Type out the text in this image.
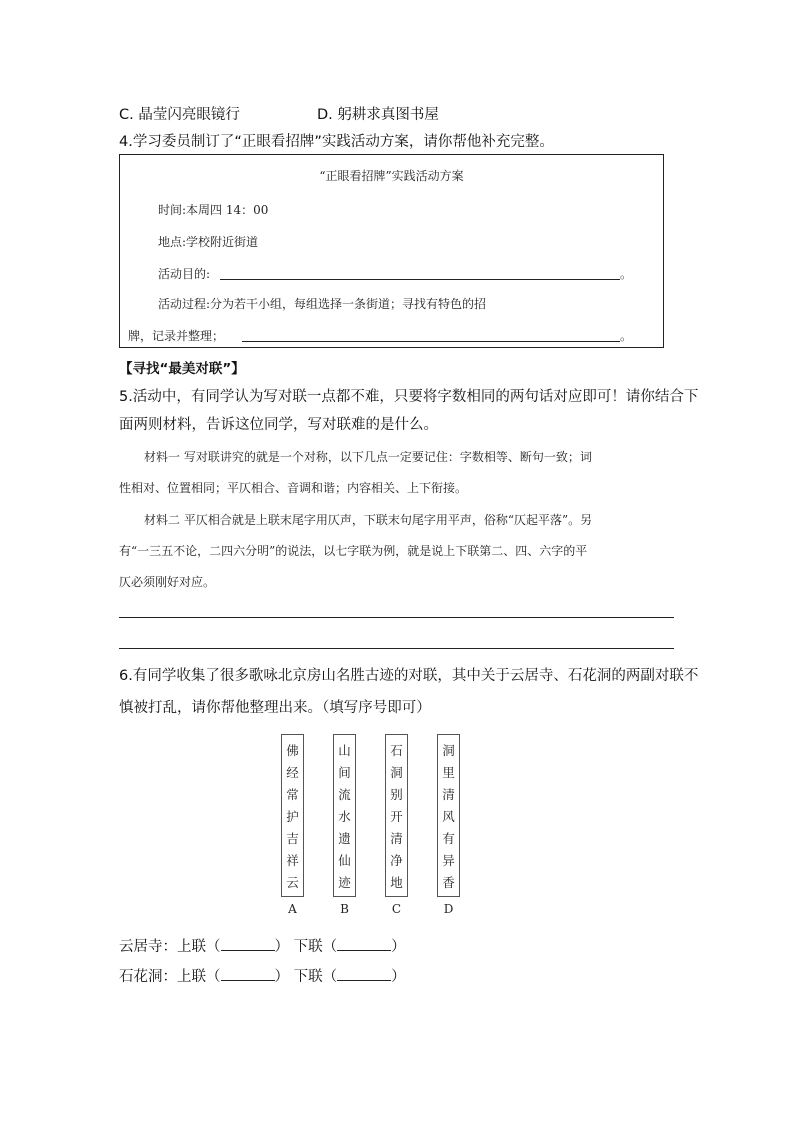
C. 晶莹闪亮眼镜行	D. 躬耕求真图书屋
4.学习委员制订了“正眼看招牌”实践活动方案，请你帮他补充完整。
“正眼看招牌”实践活动方案
时间:本周四 14：00
地点:学校附近街道
活动目的:	。
活动过程:分为若干小组，每组选择一条街道；寻找有特色的招
牌，记录并整理；	。
【寻找“最美对联”】
5.活动中，有同学认为写对联一点都不难，只要将字数相同的两句话对应即可！请你结合下
面两则材料，告诉这位同学，写对联难的是什么。
材料一 写对联讲究的就是一个对称，以下几点一定要记住：字数相等、断句一致；词
性相对、位置相同；平仄相合、音调和谐；内容相关、上下衔接。
材料二 平仄相合就是上联末尾字用仄声，下联末句尾字用平声，俗称“仄起平落”。另
有“一三五不论，二四六分明”的说法，以七字联为例，就是说上下联第二、四、六字的平
仄必须刚好对应。
6.有同学收集了很多歌咏北京房山名胜古迹的对联，其中关于云居寺、石花洞的两副对联不
慎被打乱，请你帮他整理出来。（填写序号即可）
佛
经
常
护
吉
祥
云
A
山
间
流
水
遗
仙
迹
B
石
洞
别
开
清
净
地
C
洞
里
清
风
有
异
香
D
云居寺：上联（	） 下联（	）
石花洞：上联（	） 下联（	）
